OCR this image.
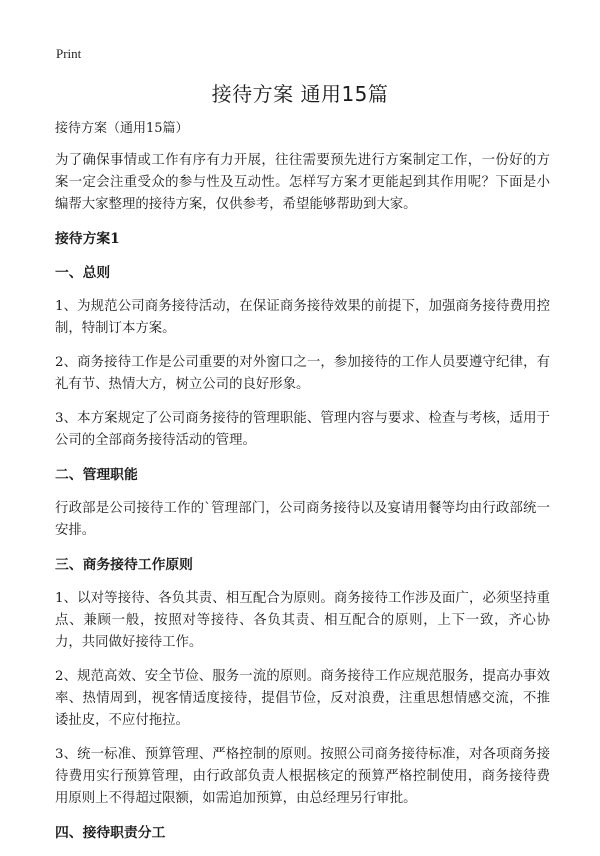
Print
接待方案 通用15篇
接待方案（通用15篇）

为了确保事情或工作有序有力开展，往往需要预先进行方案制定工作，一份好的方案一定会注重受众的参与性及互动性。怎样写方案才更能起到其作用呢？下面是小编帮大家整理的接待方案，仅供参考，希望能够帮助到大家。

接待方案1
一、总则

1、为规范公司商务接待活动，在保证商务接待效果的前提下，加强商务接待费用控制，特制订本方案。

2、商务接待工作是公司重要的对外窗口之一，参加接待的工作人员要遵守纪律，有礼有节、热情大方，树立公司的良好形象。

3、本方案规定了公司商务接待的管理职能、管理内容与要求、检查与考核，适用于公司的全部商务接待活动的管理。

二、管理职能

行政部是公司接待工作的`管理部门，公司商务接待以及宴请用餐等均由行政部统一安排。

三、商务接待工作原则

1、以对等接待、各负其责、相互配合为原则。商务接待工作涉及面广，必须坚持重点、兼顾一般，按照对等接待、各负其责、相互配合的原则，上下一致，齐心协力，共同做好接待工作。

2、规范高效、安全节俭、服务一流的原则。商务接待工作应规范服务，提高办事效率、热情周到，视客情适度接待，提倡节俭，反对浪费，注重思想情感交流，不推诿扯皮，不应付拖拉。

3、统一标准、预算管理、严格控制的原则。按照公司商务接待标准，对各项商务接待费用实行预算管理，由行政部负责人根据核定的预算严格控制使用，商务接待费用原则上不得超过限额，如需追加预算，由总经理另行审批。

四、接待职责分工
